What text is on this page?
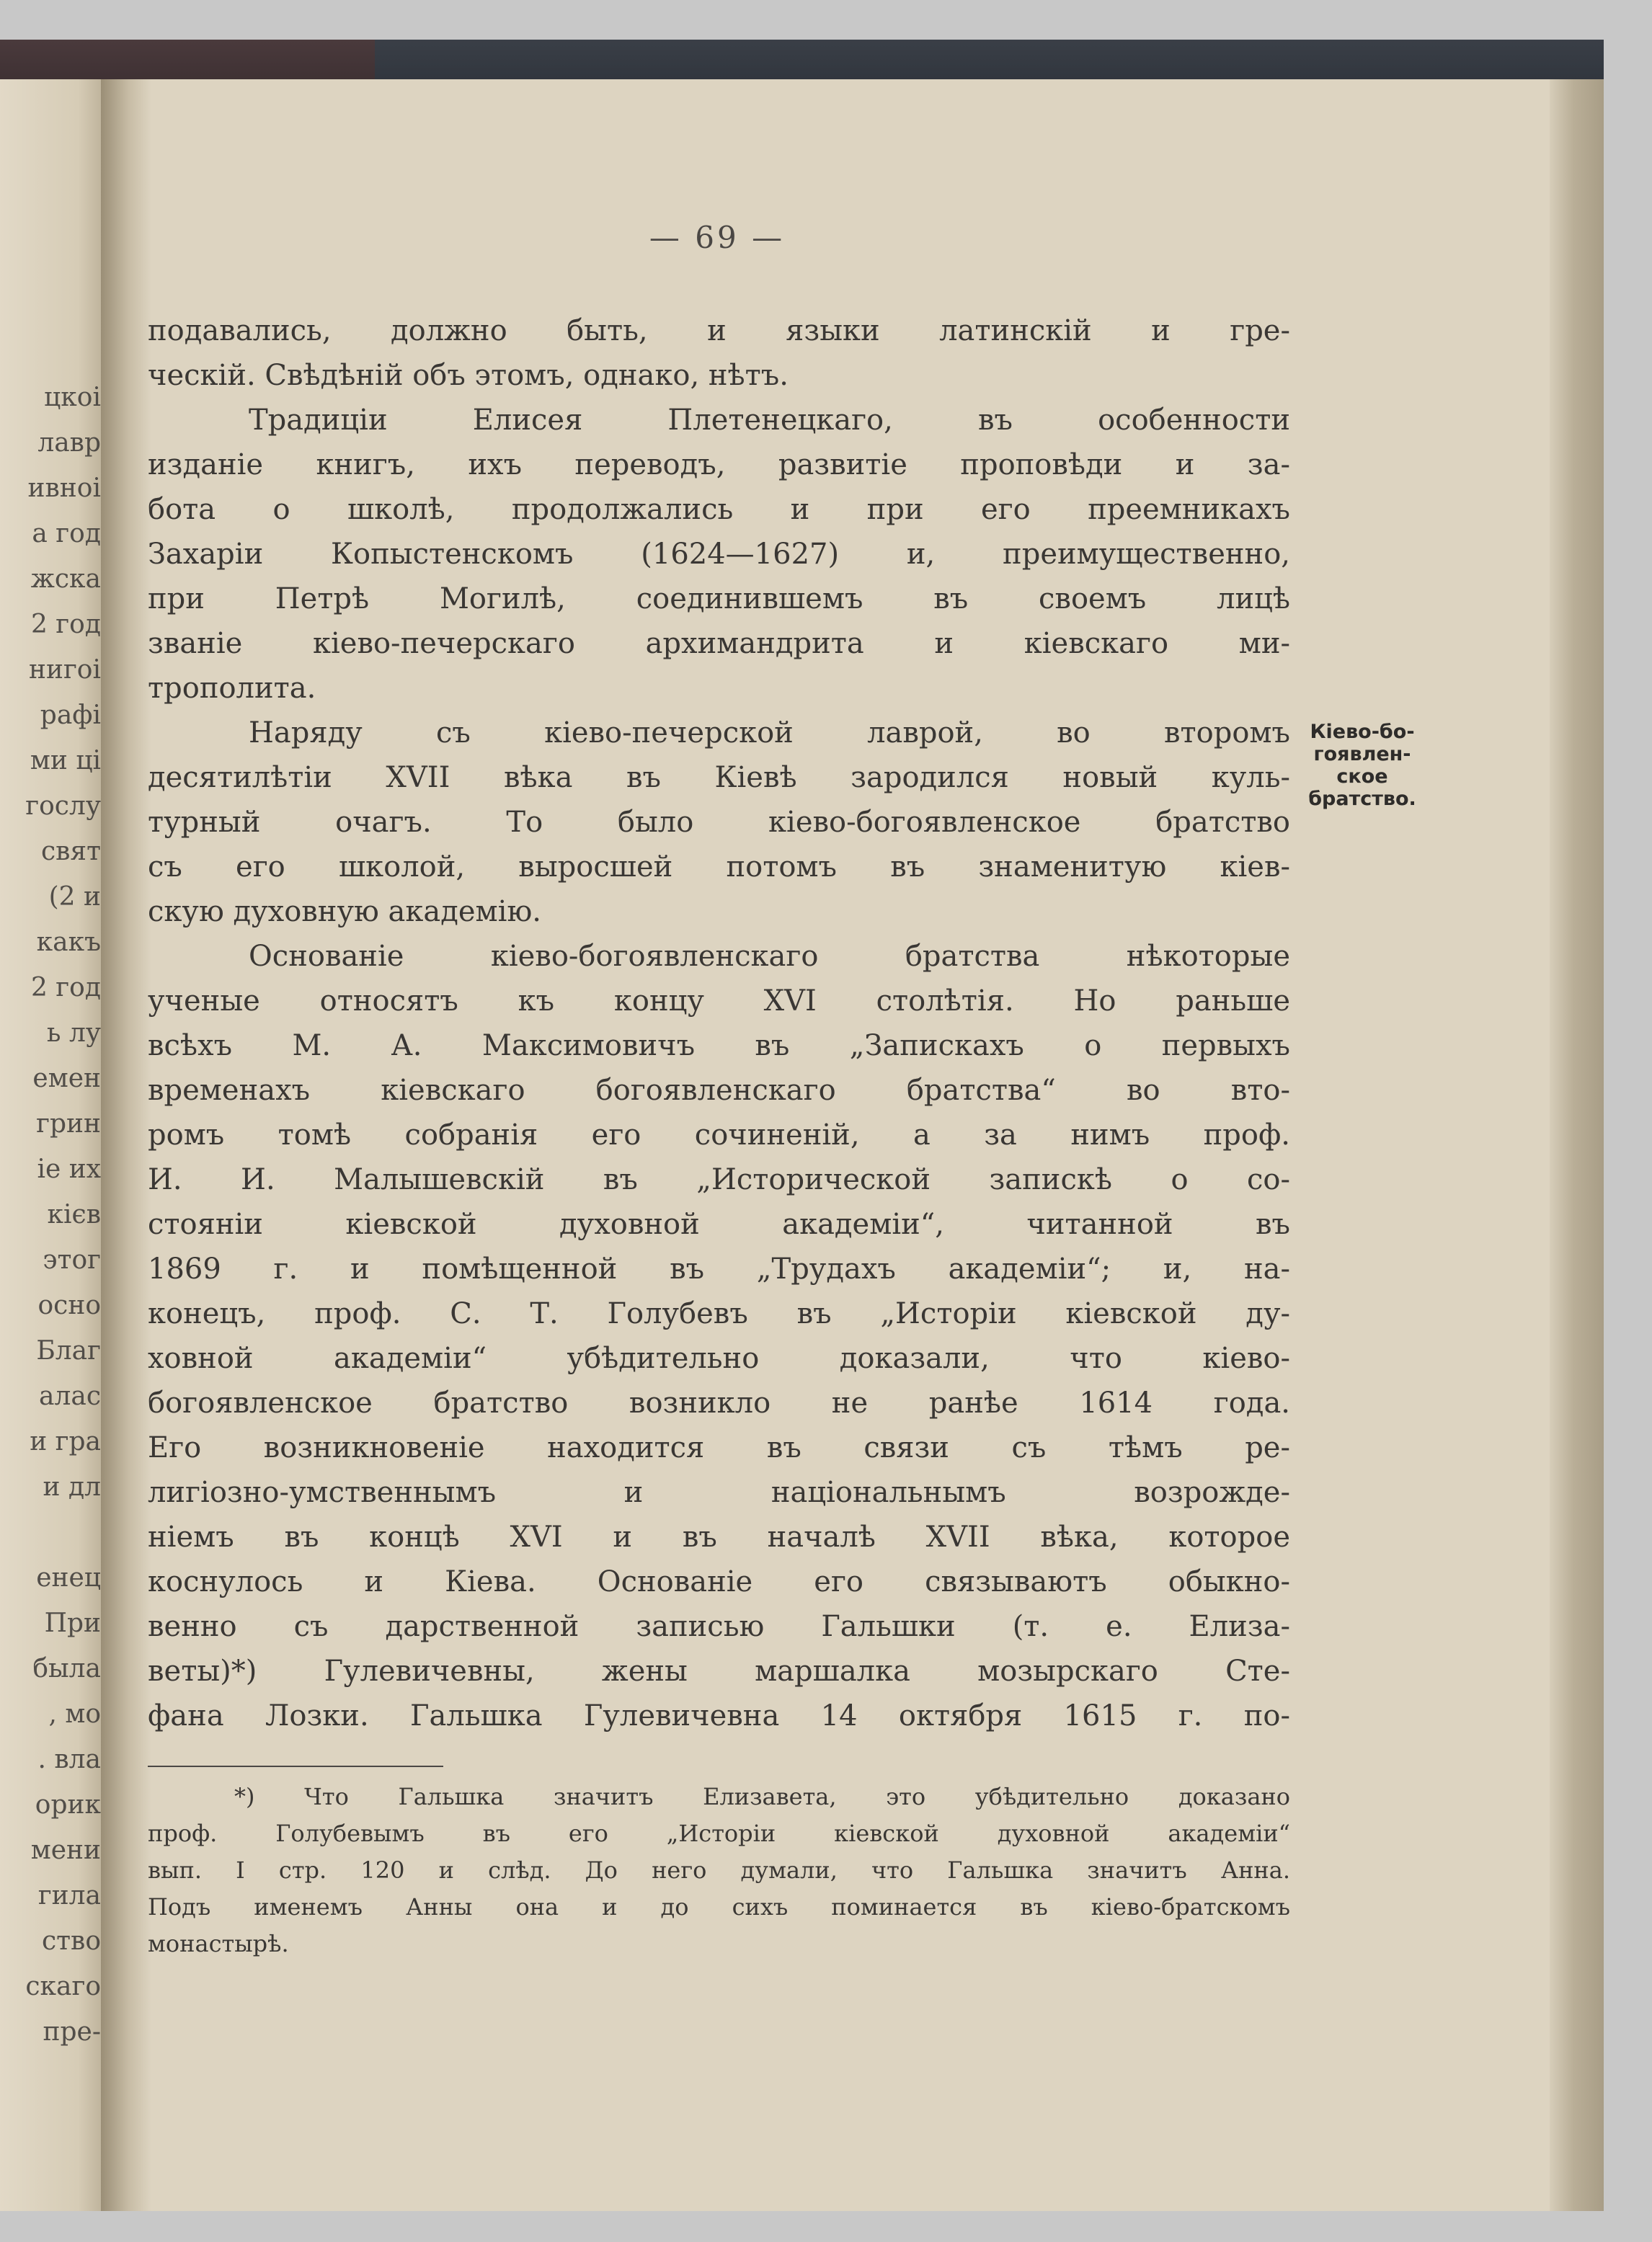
цкоі
лавр
ивноі
а год
жска
2 год
нигоі
рафі
ми ці
гослу
свят
(2 и
какъ
2 год
ь лу
емен
грин
іе их
кієв
этог
осно
Благ
алас
и гра
и дл

енец
При
была
, мо
. вла
орик
мени
гила
ство
скаго
пре-
— 69 —
подавались, должно быть, и языки латинскій и гре-
ческій. Свѣдѣній объ этомъ, однако, нѣтъ.
Традиціи Елисея Плетенецкаго, въ особенности
изданіе книгъ, ихъ переводъ, развитіе проповѣди и за-
бота о школѣ, продолжались и при его преемникахъ
Захаріи Копыстенскомъ (1624—1627) и, преимущественно,
при Петрѣ Могилѣ, соединившемъ въ своемъ лицѣ
званіе кіево-печерскаго архимандрита и кіевскаго ми-
трополита.
Наряду съ кіево-печерской лаврой, во второмъ
десятилѣтіи XVII вѣка въ Кіевѣ зародился новый куль-
турный очагъ. То было кіево-богоявленское братство
съ его школой, выросшей потомъ въ знаменитую кіев-
скую духовную академію.
Основаніе кіево-богоявленскаго братства нѣкоторые
ученые относятъ къ концу XVI столѣтія. Но раньше
всѣхъ М. А. Максимовичъ въ „Запискахъ о первыхъ
временахъ кіевскаго богоявленскаго братства“ во вто-
ромъ томѣ собранія его сочиненій, а за нимъ проф.
И. И. Малышевскій въ „Исторической запискѣ о со-
стояніи кіевской духовной академіи“, читанной въ
1869 г. и помѣщенной въ „Трудахъ академіи“; и, на-
конецъ, проф. С. Т. Голубевъ въ „Исторіи кіевской ду-
ховной академіи“ убѣдительно доказали, что кіево-
богоявленское братство возникло не ранѣе 1614 года.
Его возникновеніе находится въ связи съ тѣмъ ре-
лигіозно-умственнымъ и національнымъ возрожде-
ніемъ въ концѣ XVI и въ началѣ XVII вѣка, которое
коснулось и Кіева. Основаніе его связываютъ обыкно-
венно съ дарственной записью Гальшки (т. е. Елиза-
веты)*) Гулевичевны, жены маршалка мозырскаго Сте-
фана Лозки. Гальшка Гулевичевна 14 октября 1615 г. по-
Кіево-бо-
гоявлен-
ское
братство.
*) Что Гальшка значитъ Елизавета, это убѣдительно доказано
проф. Голубевымъ въ его „Исторіи кіевской духовной академіи“
вып. I стр. 120 и слѣд. До него думали, что Гальшка значитъ Анна.
Подъ именемъ Анны она и до сихъ поминается въ кіево-братскомъ
монастырѣ.
